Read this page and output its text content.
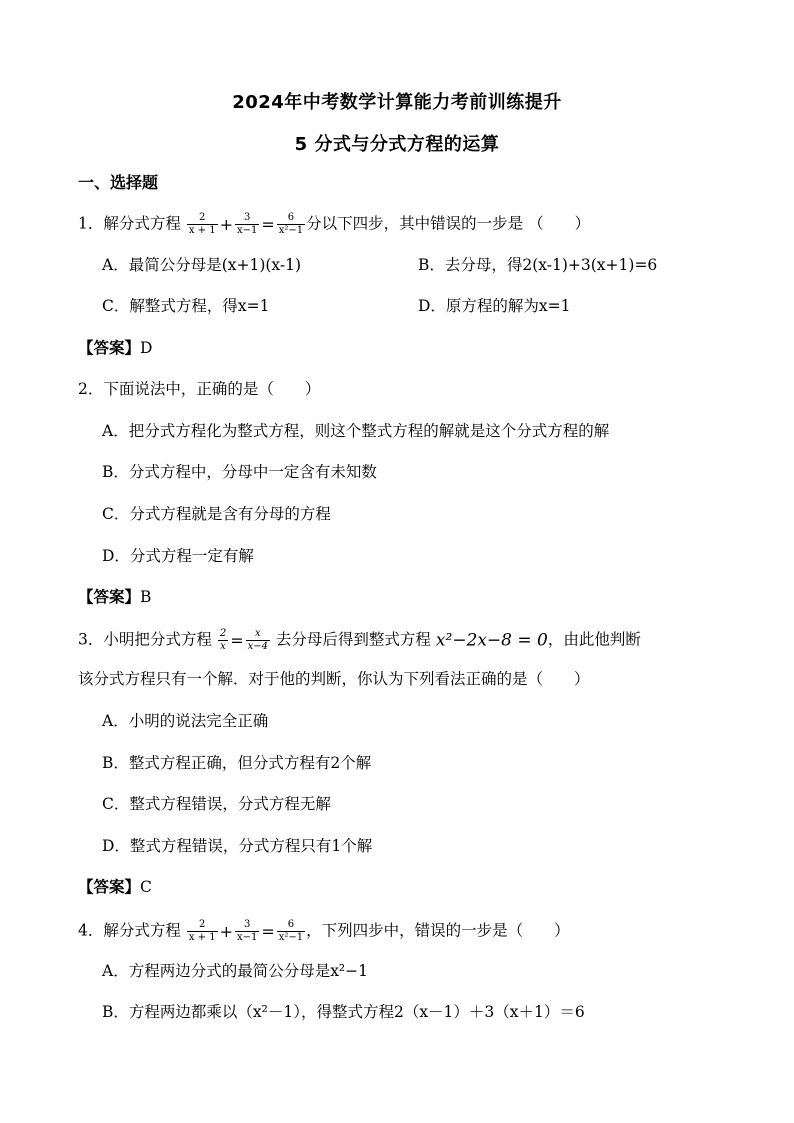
2024年中考数学计算能力考前训练提升
5 分式与分式方程的运算
一、选择题
1．解分式方程 $\frac{2}{x + 1} + \frac{3}{x-1} = \frac{6}{\text{x²−1}}$ 分以下四步，其中错误的一步是 （　　）
A．最简公分母是(x+1)(x-1)	B．去分母，得2(x-1)+3(x+1)=6
C．解整式方程，得x=1	D．原方程的解为x=1
【答案】D
2．下面说法中，正确的是（　　）
A．把分式方程化为整式方程，则这个整式方程的解就是这个分式方程的解
B．分式方程中，分母中一定含有未知数
C．分式方程就是含有分母的方程
D．分式方程一定有解
【答案】B
3．小明把分式方程 $\frac{2}{x} = \frac{x}{x-4}$ 去分母后得到整式方程 x²−2x−8 = 0，由此他判断
该分式方程只有一个解．对于他的判断，你认为下列看法正确的是（　　）
A．小明的说法完全正确
B．整式方程正确，但分式方程有2个解
C．整式方程错误，分式方程无解
D．整式方程错误，分式方程只有1个解
【答案】C
4．解分式方程 $\frac{2}{x + 1} + \frac{3}{x-1} = \frac{6}{\text{x²−1}}$ ，下列四步中，错误的一步是（　　）
A．方程两边分式的最简公分母是x²−1
B．方程两边都乘以（x²－1），得整式方程2（x－1）＋3（x＋1）＝6
